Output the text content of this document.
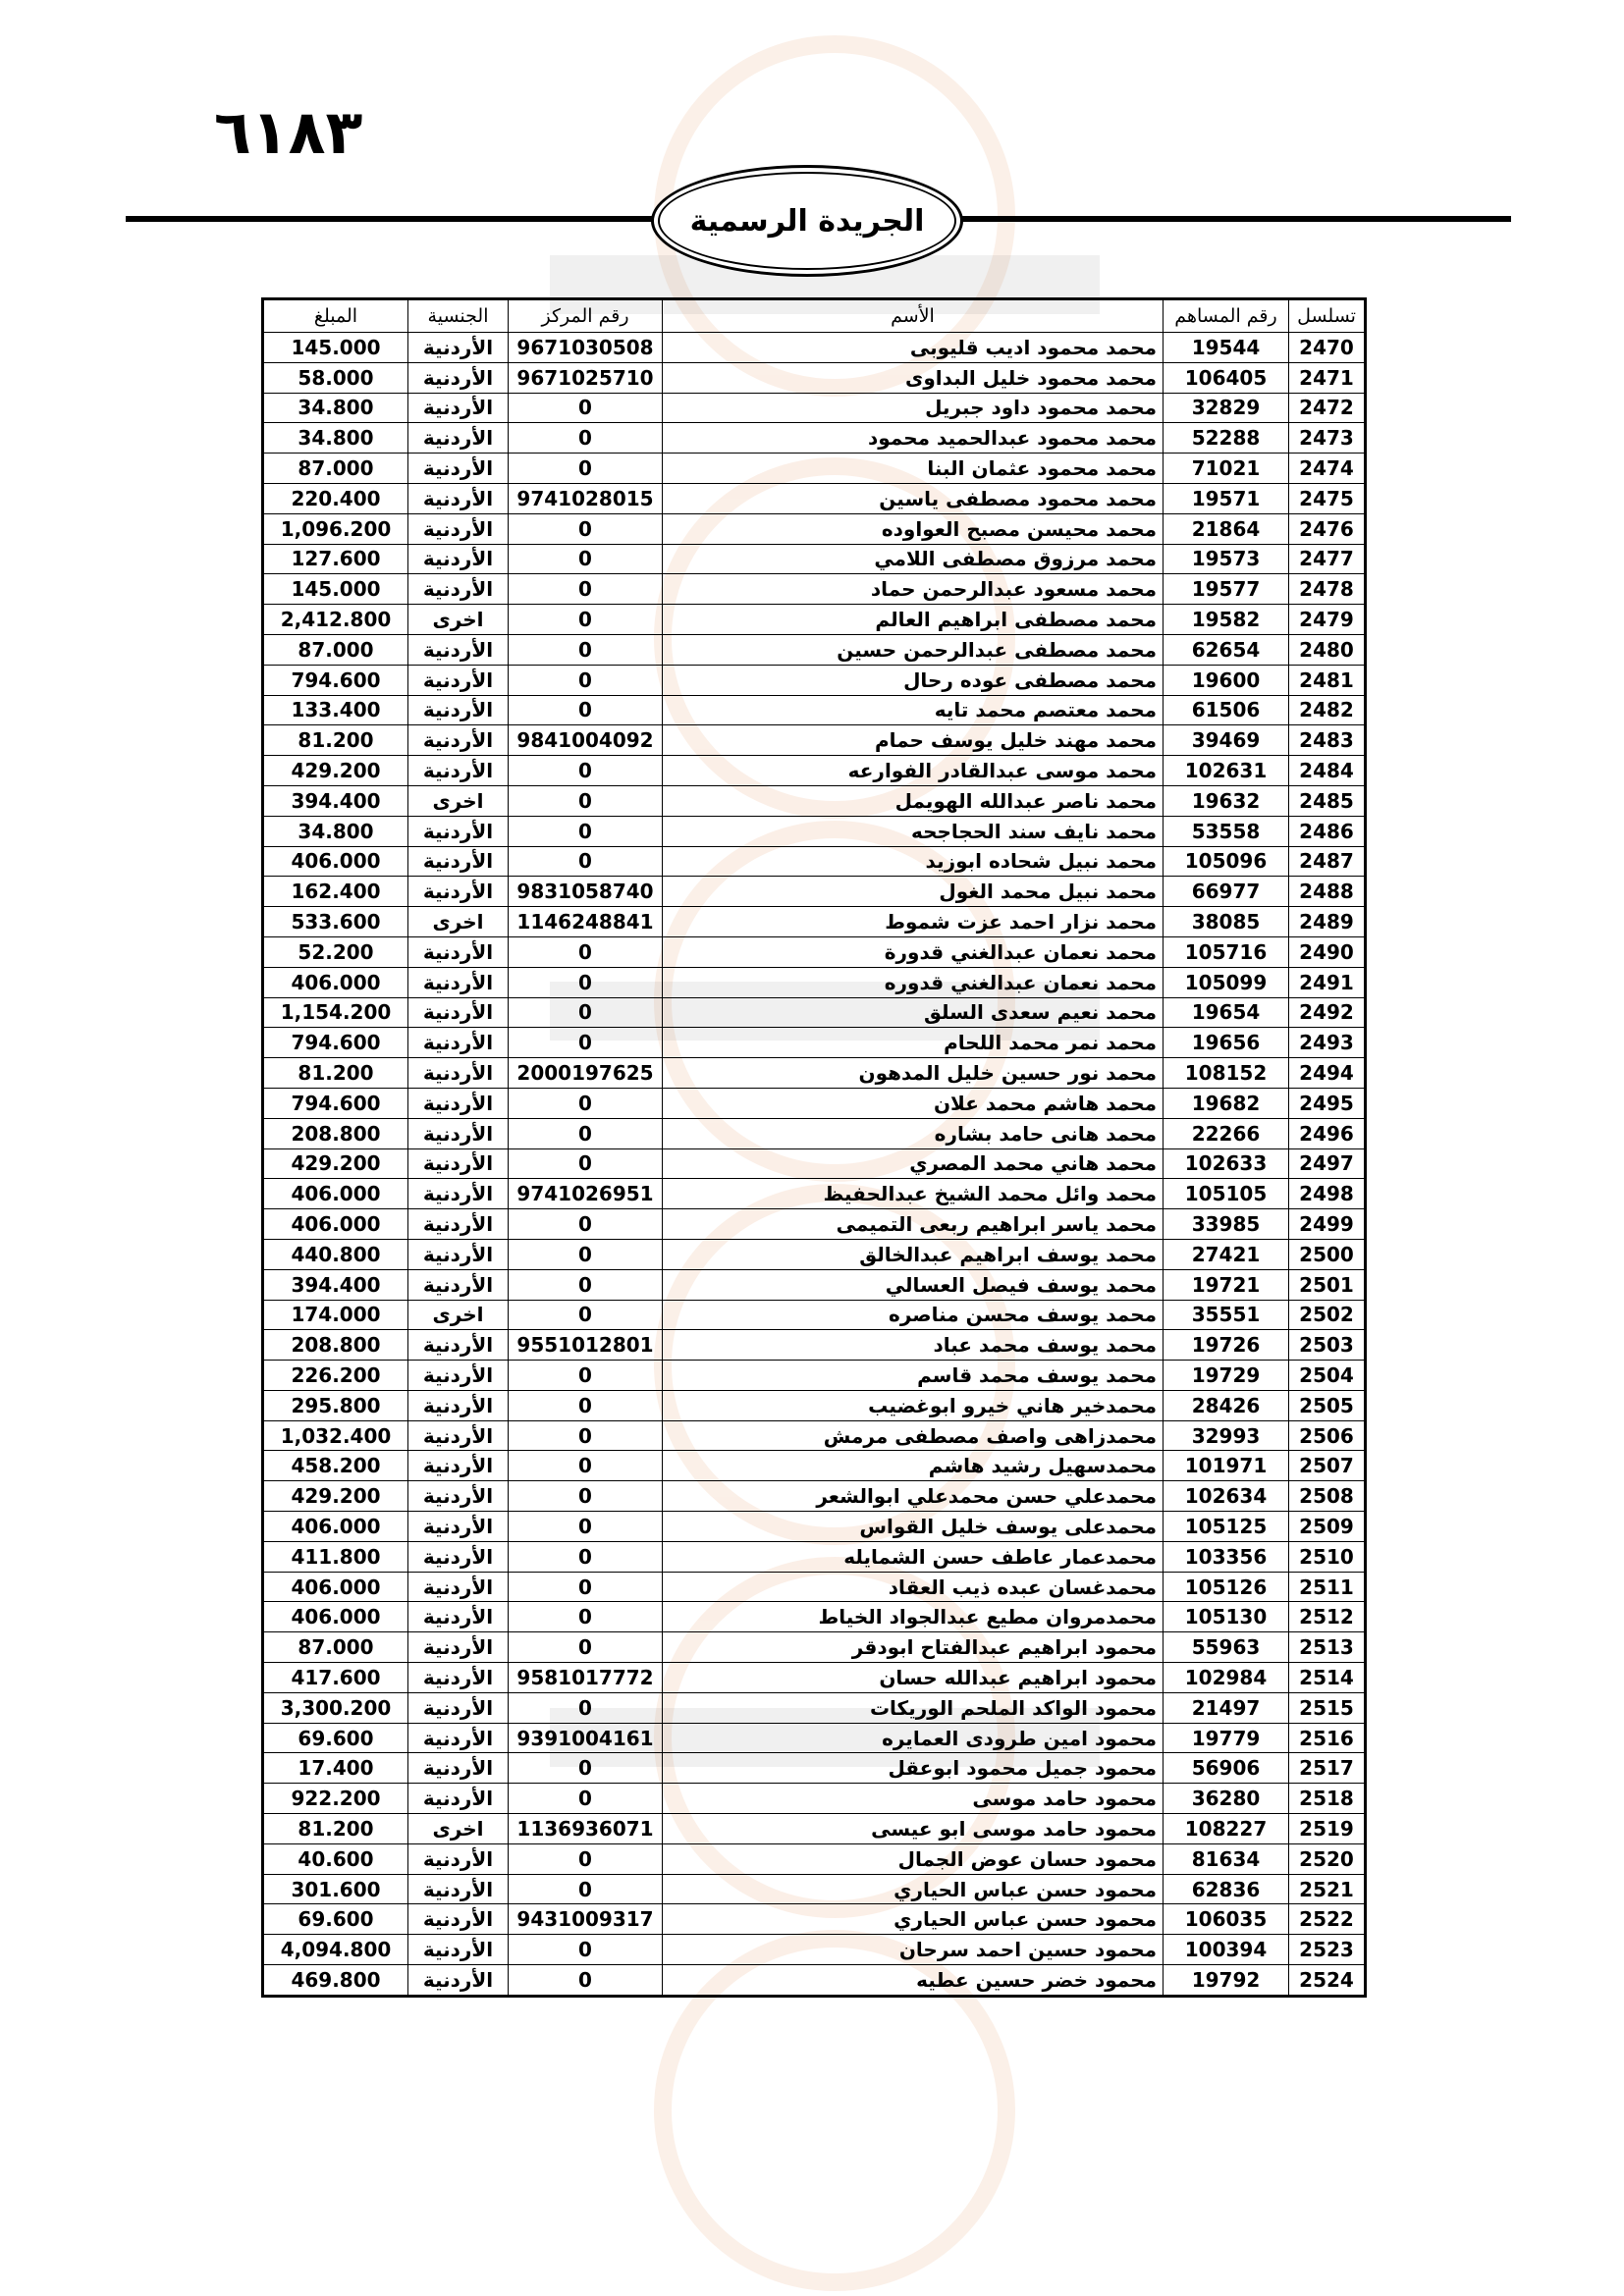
٦١٨٣
الجريدة الرسمية
تسلسل	رقم المساهم	الأسم	رقم المركز	الجنسية	المبلغ
2470	19544	محمد محمود اديب قليوبى	9671030508	الأردنية	145.000
2471	106405	محمد محمود خليل البداوى	9671025710	الأردنية	58.000
2472	32829	محمد محمود داود جبريل	0	الأردنية	34.800
2473	52288	محمد محمود عبدالحميد محمود	0	الأردنية	34.800
2474	71021	محمد محمود عثمان البنا	0	الأردنية	87.000
2475	19571	محمد محمود مصطفى ياسين	9741028015	الأردنية	220.400
2476	21864	محمد محيسن مصبح العواوده	0	الأردنية	1,096.200
2477	19573	محمد مرزوق مصطفى اللامي	0	الأردنية	127.600
2478	19577	محمد مسعود عبدالرحمن حماد	0	الأردنية	145.000
2479	19582	محمد مصطفى ابراهيم العالم	0	اخرى	2,412.800
2480	62654	محمد مصطفى عبدالرحمن حسين	0	الأردنية	87.000
2481	19600	محمد مصطفى عوده رحال	0	الأردنية	794.600
2482	61506	محمد معتصم محمد تايه	0	الأردنية	133.400
2483	39469	محمد مهند خليل يوسف حمام	9841004092	الأردنية	81.200
2484	102631	محمد موسى عبدالقادر الفوارعه	0	الأردنية	429.200
2485	19632	محمد ناصر عبدالله الهويمل	0	اخرى	394.400
2486	53558	محمد نايف سند الحجاجحه	0	الأردنية	34.800
2487	105096	محمد نبيل شحاده ابوزيد	0	الأردنية	406.000
2488	66977	محمد نبيل محمد الغول	9831058740	الأردنية	162.400
2489	38085	محمد نزار احمد عزت شموط	1146248841	اخرى	533.600
2490	105716	محمد نعمان عبدالغني قدورة	0	الأردنية	52.200
2491	105099	محمد نعمان عبدالغني قدوره	0	الأردنية	406.000
2492	19654	محمد نعيم سعدى السلق	0	الأردنية	1,154.200
2493	19656	محمد نمر محمد اللحام	0	الأردنية	794.600
2494	108152	محمد نور حسين خليل المدهون	2000197625	الأردنية	81.200
2495	19682	محمد هاشم محمد علان	0	الأردنية	794.600
2496	22266	محمد هانى حامد بشاره	0	الأردنية	208.800
2497	102633	محمد هاني محمد المصري	0	الأردنية	429.200
2498	105105	محمد وائل محمد الشيخ عبدالحفيظ	9741026951	الأردنية	406.000
2499	33985	محمد ياسر ابراهيم ربعى التميمى	0	الأردنية	406.000
2500	27421	محمد يوسف ابراهيم عبدالخالق	0	الأردنية	440.800
2501	19721	محمد يوسف فيصل العسالي	0	الأردنية	394.400
2502	35551	محمد يوسف محسن مناصره	0	اخرى	174.000
2503	19726	محمد يوسف محمد عباد	9551012801	الأردنية	208.800
2504	19729	محمد يوسف محمد قاسم	0	الأردنية	226.200
2505	28426	محمدخير هاني خيرو ابوغضيب	0	الأردنية	295.800
2506	32993	محمدزاهى واصف مصطفى مرمش	0	الأردنية	1,032.400
2507	101971	محمدسهيل رشيد هاشم	0	الأردنية	458.200
2508	102634	محمدعلي حسن محمدعلي ابوالشعر	0	الأردنية	429.200
2509	105125	محمدعلى يوسف خليل القواس	0	الأردنية	406.000
2510	103356	محمدعمار عاطف حسن الشمايله	0	الأردنية	411.800
2511	105126	محمدغسان عبده ذيب العقاد	0	الأردنية	406.000
2512	105130	محمدمروان مطيع عبدالجواد الخياط	0	الأردنية	406.000
2513	55963	محمود ابراهيم عبدالفتاح ابودقر	0	الأردنية	87.000
2514	102984	محمود ابراهيم عبدالله حسان	9581017772	الأردنية	417.600
2515	21497	محمود الواكد الملحم الوريكات	0	الأردنية	3,300.200
2516	19779	محمود امين طرودى العمايره	9391004161	الأردنية	69.600
2517	56906	محمود جميل محمود ابوعقل	0	الأردنية	17.400
2518	36280	محمود حامد موسى	0	الأردنية	922.200
2519	108227	محمود حامد موسى ابو عيسى	1136936071	اخرى	81.200
2520	81634	محمود حسان عوض الجمال	0	الأردنية	40.600
2521	62836	محمود حسن عباس الحياري	0	الأردنية	301.600
2522	106035	محمود حسن عباس الحياري	9431009317	الأردنية	69.600
2523	100394	محمود حسين احمد سرحان	0	الأردنية	4,094.800
2524	19792	محمود خضر حسين عطيه	0	الأردنية	469.800
